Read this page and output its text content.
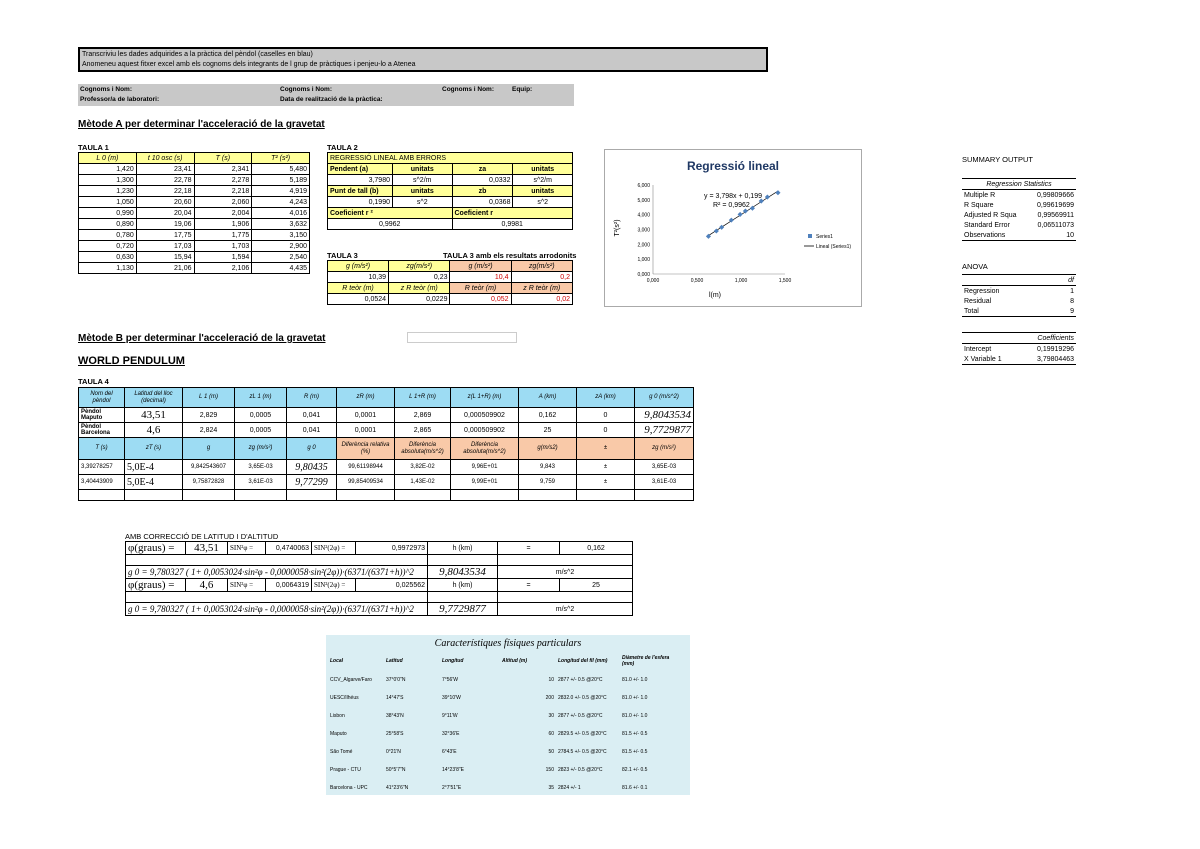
Transcriviu les dades adquirides a la pràctica del pèndol (caselles en blau)
Anomeneu aquest fitxer excel amb els cognoms dels integrants de l grup de pràctiques i penjeu-lo a Atenea
Cognoms i Nom:
Professor/a de laboratori:
Cognoms i Nom:
Data de realització de la pràctica:
Cognoms i Nom:	Equip:
Mètode A per determinar l'acceleració de la gravetat
TAULA 1
L 0 (m)	t 10 osc (s)	T (s)	T² (s²)
1,420	23,41	2,341	5,480
1,300	22,78	2,278	5,189
1,230	22,18	2,218	4,919
1,050	20,60	2,060	4,243
0,990	20,04	2,004	4,016
0,890	19,06	1,906	3,632
0,780	17,75	1,775	3,150
0,720	17,03	1,703	2,900
0,630	15,94	1,594	2,540
1,130	21,06	2,106	4,435
TAULA 2
REGRESSIÓ LINEAL AMB ERRORS			
Pendent (a)	unitats	za	unitats
3,7980	s^2/m	0,0332	s^2/m
Punt de tall (b)	unitats	zb	unitats
0,1990	s^2	0,0368	s^2
Coeficient r ²		Coeficient r	
0,9962		0,9981	
TAULA 3	TAULA 3 amb els resultats arrodonits
g (m/s²)	zg(m/s²)	g (m/s²)	zg(m/s²)
10,39	0,23	10,4	0,2
R teòr (m)	z R teòr (m)	R teòr (m)	z R teòr (m)
0,0524	0,0229	0,052	0,02
Regressió lineal
l(m)
T²(s²)
0,000
1,000
2,000
3,000
4,000
5,000
6,000
0,000	0,500	1,000	1,500
y = 3,798x + 0,199
R² = 0,9962
Series1
Lineal (Series1)
SUMMARY OUTPUT
Regression Statistics	
Multiple R	0,99809666
R Square	0,99619699
Adjusted R Squa	0,99569911
Standard Error	0,06511073
Observations	10
ANOVA
	df
Regression	1
Residual	8
Total	9
	Coefficients
Intercept	0,19919296
X Variable 1	3,79804463
Mètode B per determinar l'acceleració de la gravetat
WORLD PENDULUM
TAULA 4
Nom del pèndol	Latitud del lloc (decimal)	L 1 (m)	zL 1 (m)	R (m)	zR (m)	L 1+R (m)	z(L 1+R) (m)	A (km)	zA (km)	g 0 (m/s^2)
Pèndol Maputo	43,51	2,829	0,0005	0,041	0,0001	2,869	0,000509902	0,162	0	9,8043534
Pèndol Barcelona	4,6	2,824	0,0005	0,041	0,0001	2,865	0,000509902	25	0	9,7729877
T (s)	zT (s)	g	zg (m/s²)	g 0	Diferència relativa (%)	Diferència absoluta(m/s^2)	Diferència absoluta(m/s^2)	g(m/s2)	±	zg (m/s²)
3,39278257	5,0E-4	9,842543607	3,65E-03	9,80435	99,61198944	3,82E-02	9,96E+01	9,843	±	3,65E-03
3,40443909	5,0E-4	9,75872828	3,61E-03	9,77299	99,85409534	1,43E-02	9,99E+01	9,759	±	3,61E-03

AMB CORRECCIÓ DE LATITUD I D'ALTITUD
φ(graus) =	43,51	SIN²φ =	0,4740063	SIN²(2φ) =	0,9972973	h (km)	=	0,162

g 0 = 9,780327 ( 1+ 0,0053024·sin²φ - 0,0000058·sin²(2φ))·(6371/(6371+h))^2						9,8043534	m/s^2	
φ(graus) =	4,6	SIN²φ =	0,0064319	SIN²(2φ) =	0,025562	h (km)	=	25

g 0 = 9,780327 ( 1+ 0,0053024·sin²φ - 0,0000058·sin²(2φ))·(6371/(6371+h))^2						9,7729877	m/s^2	
Característiques físiques particulars
Local	Latitud	Longitud	Altitud (m)	Longitud del fil (mm)	Diàmetre de l'esfera (mm)
CCV_Algarve/Faro	37°0'0"N	7°56'W	10	2877 +/- 0.5 @20°C	81.0 +/- 1.0
UESC/Ilhéus	14°47'S	39°10'W	200	2832.0 +/- 0.5 @20°C	81.0 +/- 1.0
Lisbon	38°43'N	9°11'W	30	2877 +/- 0.5 @20°C	81.0 +/- 1.0
Maputo	25°58'S	32°36'E	60	2829.5 +/- 0.5 @20°C	81.5 +/- 0.5
São Tomé	0°21'N	6°43'E	50	2784.5 +/- 0.5 @20°C	81.5 +/- 0.5
Prague - CTU	50°5'7"N	14°23'8"E	150	2823 +/- 0.5 @20°C	82.1 +/- 0.5
Barcelona - UPC	41°23'6"N	2°7'51"E	35	2824 +/- 1	81.6 +/- 0.1
